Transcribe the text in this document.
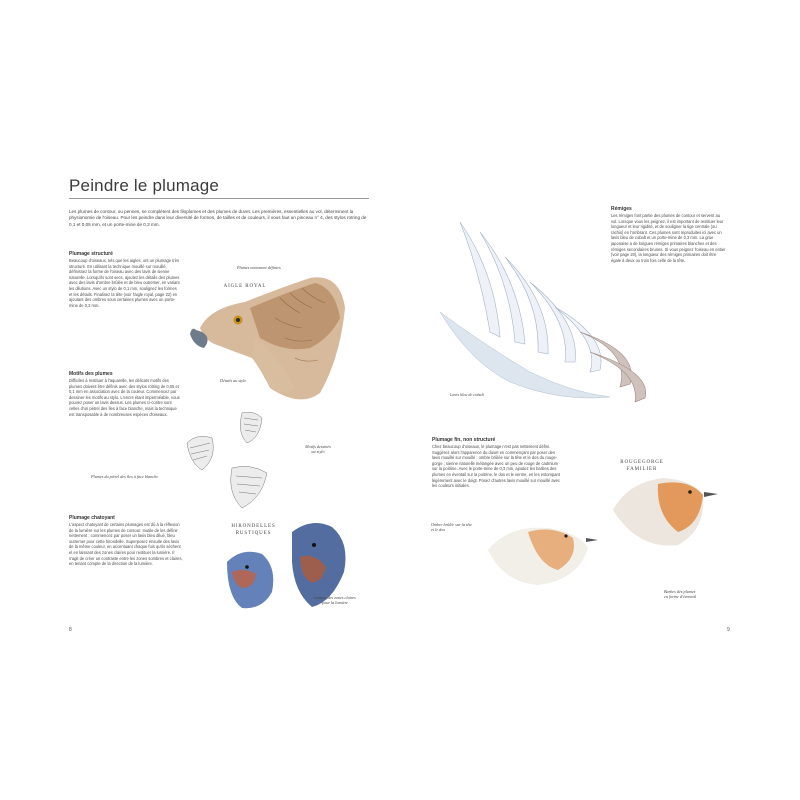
Peindre le plumage
Les plumes de contour, ou pennes, se complètent des filoplumes et des plumes de duvet. Les premières, essentielles au vol, déterminent la physionomie de l'oiseau. Pour les peindre dans leur diversité de formes, de tailles et de couleurs, il vous faut un pinceau n° 4, des stylos rotring de 0,1 et 0,05 mm, et un porte-mine de 0,3 mm.
Plumage structuré
Beaucoup d'oiseaux, tels que les aigles, ont un plumage très structuré. En utilisant la technique mouillé sur mouillé, définissez la forme de l'oiseau avec des lavis de sienne naturelle. Lorsqu'ils sont secs, ajoutez les détails des plumes avec des lavis d'ombre brûlée et de bleu outremer, en variant les dilutions. Avec un stylo de 0,1 mm, soulignez les formes et les détails. Finalisez la tête (voir l'aigle royal, page 22) en ajoutant des ombres sous certaines plumes avec un porte-mine de 0,3 mm.
Motifs des plumes
Difficiles à restituer à l'aquarelle, les délicats motifs des plumes doivent être définis avec des stylos rotring de 0,05 et 0,1 mm en association avec de la couleur. Commencez par dessiner les motifs au stylo. L'encre étant imperméable, vous pouvez poser un lavis dessus. Les plumes ci-contre sont celles d'un pétrel des îles à face blanche, mais la technique est transposable à de nombreuses espèces d'oiseaux.
Plumage chatoyant
L'aspect chatoyant de certains plumages est dû à la réflexion de la lumière sur les plumes de contour. Inutile de les définir nettement ; commencez par poser un lavis bleu dilué, bleu outremer pour cette hirondelle. Superposez ensuite des lavis de la même couleur, en accentuant chaque fois qu'ils sèchent et en laissant des zones claires pour restituer la lumière. Il s'agit de créer un contraste entre les zones sombres et claires, en tenant compte de la direction de la lumière.
AIGLE ROYAL
Plumes nettement définies
Détails au stylo
Motifs dessinés
au stylo
Plumes du pétrel des îles à face blanche
HIRONDELLES
RUSTIQUES
Laissez des zones claires
pour la lumière
8
Lavis bleu de cobalt
Rémiges
Les rémiges font partie des plumes de contour et servent au vol. Lorsque vous les peignez, il est important de restituer leur longueur et leur rigidité, et de souligner la tige centrale (ou rachis) en l'ombrant. Ces plumes sont reproduites ici avec un lavis bleu de cobalt et un porte-mine de 0,3 mm. La grue japonaise a de longues rémiges primaires blanches et des rémiges secondaires brunes. Si vous peignez l'oiseau en entier (voir page 20), la longueur des rémiges primaires doit être égale à deux ou trois fois celle de la tête.
Plumage fin, non structuré
Chez beaucoup d'oiseaux, le plumage n'est pas nettement défini. Suggérez alors l'apparence du duvet en commençant par poser des lavis mouillé sur mouillé : ombre brûlée sur la tête et le dos du rouge-gorge ; sienne naturelle mélangée avec un peu de rouge de cadmium sur la poitrine. Avec le porte-mine de 0,3 mm, ajoutez les barbes des plumes en éventail sur la poitrine, le dos et le ventre, en les estompant légèrement avec le doigt. Posez d'autres lavis mouillé sur mouillé avec les couleurs initiales.
ROUGEGORGE
FAMILIER
Ombre brûlée sur la tête
et le dos
Barbes des plumes
en forme d'éventail
9
